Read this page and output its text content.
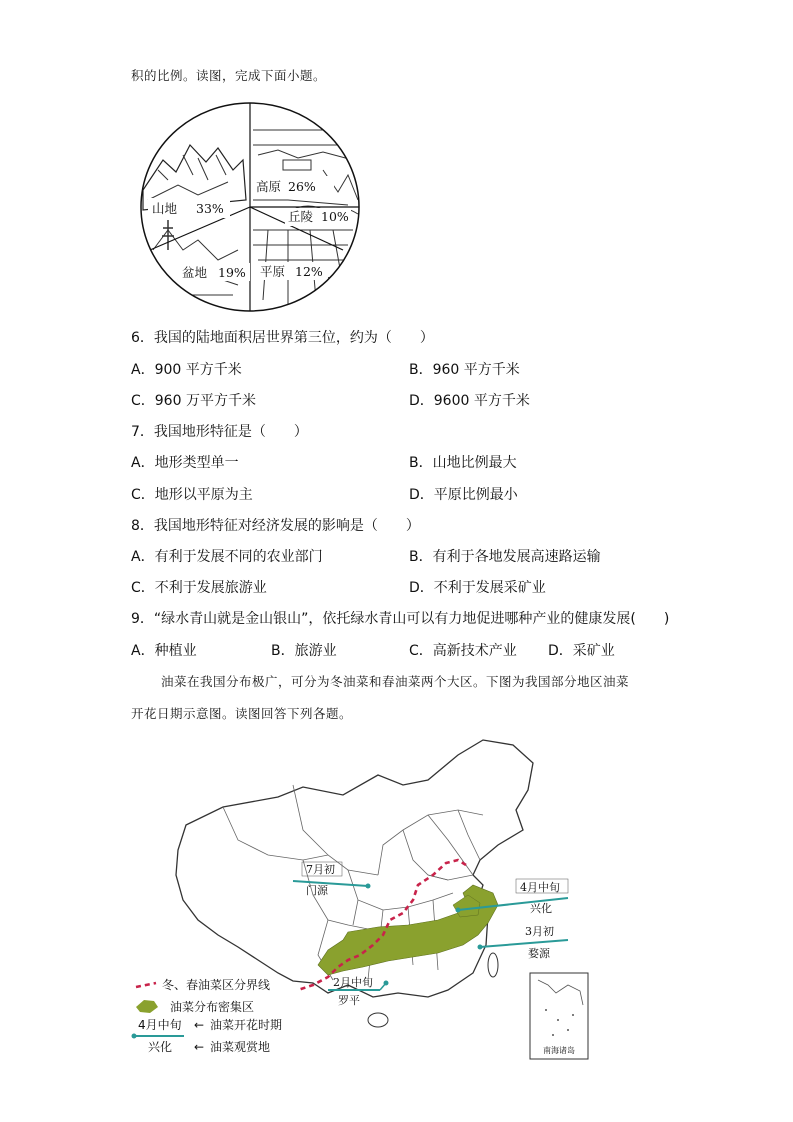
积的比例。读图，完成下面小题。
高原 26%
丘陵 10%
山地 33%
盆地 19% 平原 12%
6．我国的陆地面积居世界第三位，约为（　　）
A．900 平方千米	B．960 平方千米
C．960 万平方千米	D．9600 平方千米
7．我国地形特征是（　　）
A．地形类型单一	B．山地比例最大
C．地形以平原为主	D．平原比例最小
8．我国地形特征对经济发展的影响是（　　）
A．有利于发展不同的农业部门	B．有利于各地发展高速路运输
C．不利于发展旅游业	D．不利于发展采矿业
9．“绿水青山就是金山银山”，依托绿水青山可以有力地促进哪种产业的健康发展(　　)
A．种植业	B．旅游业	C．高新技术产业 D．采矿业
油菜在我国分布极广，可分为冬油菜和春油菜两个大区。下图为我国部分地区油菜
开花日期示意图。读图回答下列各题。
7月初
门源	4月中旬
兴化
3月初
婺源
2月中旬
罗平
南海诸岛
冬、春油菜区分界线
油菜分布密集区
4月中旬 ← 油菜开花时期
兴化 ← 油菜观赏地
